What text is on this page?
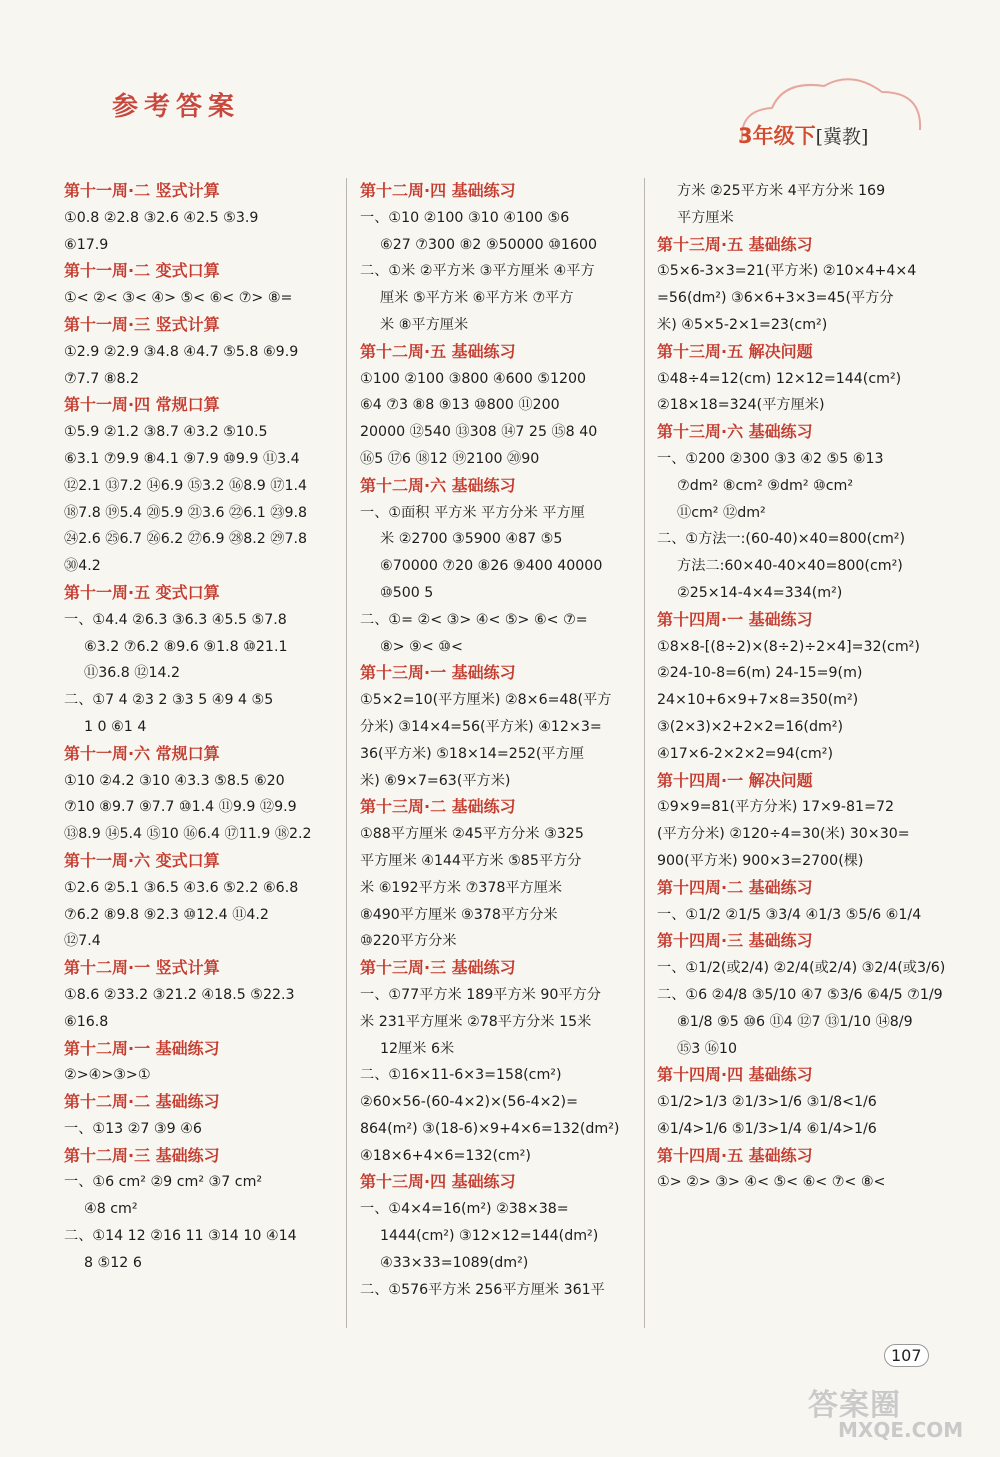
参考答案
3年级下[冀教]
第十一周·二 竖式计算
①0.8 ②2.8 ③2.6 ④2.5 ⑤3.9
⑥17.9
第十一周·二 变式口算
①< ②< ③< ④> ⑤< ⑥< ⑦> ⑧=
第十一周·三 竖式计算
①2.9 ②2.9 ③4.8 ④4.7 ⑤5.8 ⑥9.9
⑦7.7 ⑧8.2
第十一周·四 常规口算
①5.9 ②1.2 ③8.7 ④3.2 ⑤10.5
⑥3.1 ⑦9.9 ⑧4.1 ⑨7.9 ⑩9.9 ⑪3.4
⑫2.1 ⑬7.2 ⑭6.9 ⑮3.2 ⑯8.9 ⑰1.4
⑱7.8 ⑲5.4 ⑳5.9 ㉑3.6 ㉒6.1 ㉓9.8
㉔2.6 ㉕6.7 ㉖6.2 ㉗6.9 ㉘8.2 ㉙7.8
㉚4.2
第十一周·五 变式口算
一、①4.4 ②6.3 ③6.3 ④5.5 ⑤7.8
⑥3.2 ⑦6.2 ⑧9.6 ⑨1.8 ⑩21.1
⑪36.8 ⑫14.2
二、①7 4 ②3 2 ③3 5 ④9 4 ⑤5
1 0 ⑥1 4
第十一周·六 常规口算
①10 ②4.2 ③10 ④3.3 ⑤8.5 ⑥20
⑦10 ⑧9.7 ⑨7.7 ⑩1.4 ⑪9.9 ⑫9.9
⑬8.9 ⑭5.4 ⑮10 ⑯6.4 ⑰11.9 ⑱2.2
第十一周·六 变式口算
①2.6 ②5.1 ③6.5 ④3.6 ⑤2.2 ⑥6.8
⑦6.2 ⑧9.8 ⑨2.3 ⑩12.4 ⑪4.2
⑫7.4
第十二周·一 竖式计算
①8.6 ②33.2 ③21.2 ④18.5 ⑤22.3
⑥16.8
第十二周·一 基础练习
②>④>③>①
第十二周·二 基础练习
一、①13 ②7 ③9 ④6
第十二周·三 基础练习
一、①6 cm² ②9 cm² ③7 cm²
④8 cm²
二、①14 12 ②16 11 ③14 10 ④14
8 ⑤12 6
第十二周·四 基础练习
一、①10 ②100 ③10 ④100 ⑤6
⑥27 ⑦300 ⑧2 ⑨50000 ⑩1600
二、①米 ②平方米 ③平方厘米 ④平方
厘米 ⑤平方米 ⑥平方米 ⑦平方
米 ⑧平方厘米
第十二周·五 基础练习
①100 ②100 ③800 ④600 ⑤1200
⑥4 ⑦3 ⑧8 ⑨13 ⑩800 ⑪200
20000 ⑫540 ⑬308 ⑭7 25 ⑮8 40
⑯5 ⑰6 ⑱12 ⑲2100 ⑳90
第十二周·六 基础练习
一、①面积 平方米 平方分米 平方厘
米 ②2700 ③5900 ④87 ⑤5
⑥70000 ⑦20 ⑧26 ⑨400 40000
⑩500 5
二、①= ②< ③> ④< ⑤> ⑥< ⑦=
⑧> ⑨< ⑩<
第十三周·一 基础练习
①5×2=10(平方厘米) ②8×6=48(平方
分米) ③14×4=56(平方米) ④12×3=
36(平方米) ⑤18×14=252(平方厘
米) ⑥9×7=63(平方米)
第十三周·二 基础练习
①88平方厘米 ②45平方分米 ③325
平方厘米 ④144平方米 ⑤85平方分
米 ⑥192平方米 ⑦378平方厘米
⑧490平方厘米 ⑨378平方分米
⑩220平方分米
第十三周·三 基础练习
一、①77平方米 189平方米 90平方分
米 231平方厘米 ②78平方分米 15米
12厘米 6米
二、①16×11-6×3=158(cm²)
②60×56-(60-4×2)×(56-4×2)=
864(m²) ③(18-6)×9+4×6=132(dm²)
④18×6+4×6=132(cm²)
第十三周·四 基础练习
一、①4×4=16(m²) ②38×38=
1444(cm²) ③12×12=144(dm²)
④33×33=1089(dm²)
二、①576平方米 256平方厘米 361平
方米 ②25平方米 4平方分米 169
平方厘米
第十三周·五 基础练习
①5×6-3×3=21(平方米) ②10×4+4×4
=56(dm²) ③6×6+3×3=45(平方分
米) ④5×5-2×1=23(cm²)
第十三周·五 解决问题
①48÷4=12(cm) 12×12=144(cm²)
②18×18=324(平方厘米)
第十三周·六 基础练习
一、①200 ②300 ③3 ④2 ⑤5 ⑥13
⑦dm² ⑧cm² ⑨dm² ⑩cm²
⑪cm² ⑫dm²
二、①方法一:(60-40)×40=800(cm²)
方法二:60×40-40×40=800(cm²)
②25×14-4×4=334(m²)
第十四周·一 基础练习
①8×8-[(8÷2)×(8÷2)÷2×4]=32(cm²)
②24-10-8=6(m) 24-15=9(m)
24×10+6×9+7×8=350(m²)
③(2×3)×2+2×2=16(dm²)
④17×6-2×2×2=94(cm²)
第十四周·一 解决问题
①9×9=81(平方分米) 17×9-81=72
(平方分米) ②120÷4=30(米) 30×30=
900(平方米) 900×3=2700(棵)
第十四周·二 基础练习
一、①1/2 ②1/5 ③3/4 ④1/3 ⑤5/6 ⑥1/4
第十四周·三 基础练习
一、①1/2(或2/4) ②2/4(或2/4) ③2/4(或3/6)
二、①6 ②4/8 ③5/10 ④7 ⑤3/6 ⑥4/5 ⑦1/9
⑧1/8 ⑨5 ⑩6 ⑪4 ⑫7 ⑬1/10 ⑭8/9
⑮3 ⑯10
第十四周·四 基础练习
①1/2>1/3 ②1/3>1/6 ③1/8<1/6
④1/4>1/6 ⑤1/3>1/4 ⑥1/4>1/6
第十四周·五 基础练习
①> ②> ③> ④< ⑤< ⑥< ⑦< ⑧<
107
答案圈
MXQE.COM
